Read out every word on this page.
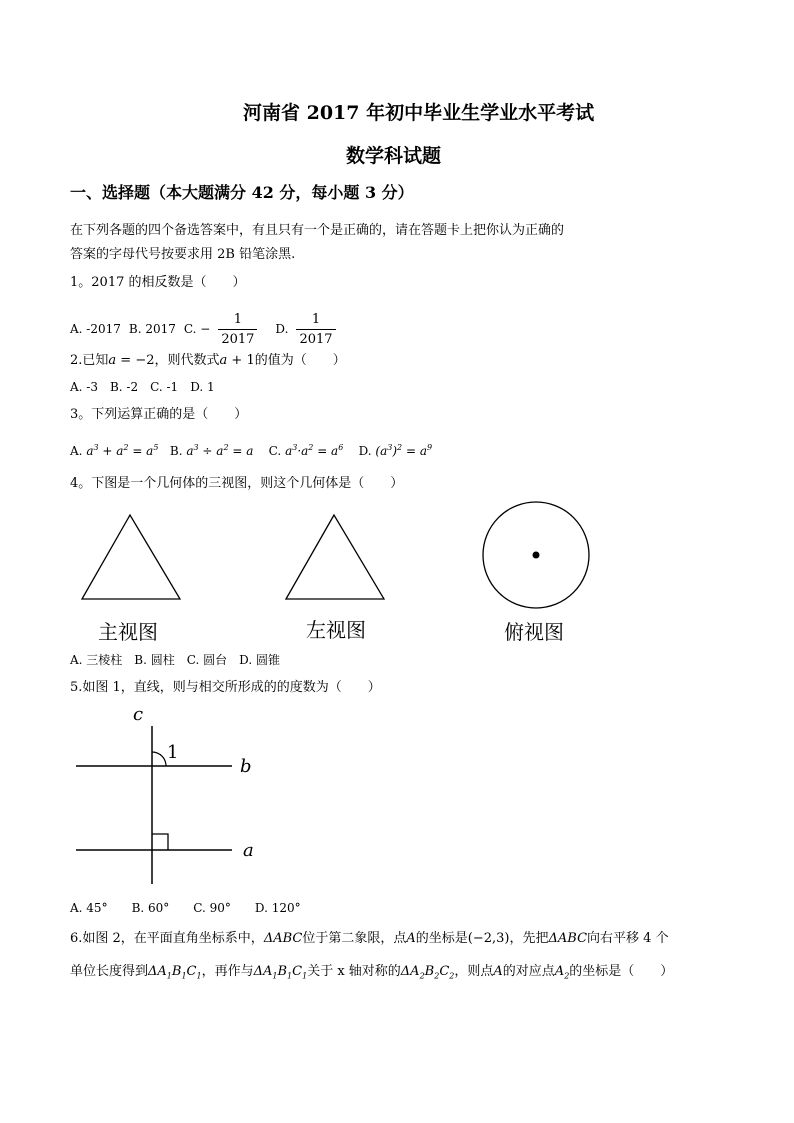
河南省 2017 年初中毕业生学业水平考试
数学科试题
一、选择题（本大题满分 42 分，每小题 3 分）
在下列各题的四个备选答案中，有且只有一个是正确的，请在答题卡上把你认为正确的
答案的字母代号按要求用 2B 铅笔涂黑.
1。2017 的相反数是（　　）
A. -2017 B. 2017 C. − $\frac{1}{2017} D$. $\frac{1}{2017}$
2.已知a = −2，则代数式a + 1的值为（　　）
A. -3　B. -2　C. -1　D. 1
3。下列运算正确的是（　　）
A. $a^3 + a^2 = a^5$ B. $a^3 \div a^2 = a$ C. $a^3\cdot a^2 = a^6$ D. $(a^3)^2 = a^9$
4。下图是一个几何体的三视图，则这个几何体是（　　）
主视图	左视图	俯视图
A. 三棱柱　B. 圆柱　C. 圆台　D. 圆锥
5.如图 1，直线，则与相交所形成的的度数为（　　）
c
1
b
a
A. 45°　　B. 60°　　C. 90°　　D. 120°
6.如图 2，在平面直角坐标系中，ΔABC位于第二象限，点A的坐标是(−2,3)，先把ΔABC向右平移 4 个
单位长度得到$\Delta A_1B_1C_1$，再作与$\Delta A_1B_1C_1$关于 x 轴对称的$\Delta A_2B_2C_2$，则点A的对应点$A_2$的坐标是（　　）
